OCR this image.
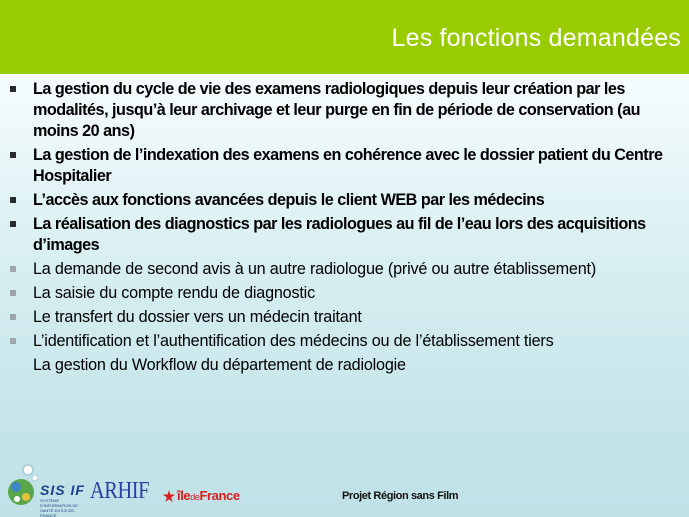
Les fonctions demandées
La gestion du cycle de vie des examens radiologiques depuis leur création par les modalités, jusqu’à leur archivage et leur purge en fin de période de conservation (au moins 20 ans)
La gestion de l’indexation des examens en cohérence avec le dossier patient du Centre Hospitalier
L’accès aux fonctions avancées depuis le client WEB par les médecins
La réalisation des diagnostics par les radiologues au fil de l’eau lors des acquisitions d’images
La demande de second avis à un autre radiologue (privé ou autre établissement)
La saisie du compte rendu de diagnostic
Le transfert du dossier vers un médecin traitant
L’identification et l’authentification des médecins ou de l’établissement tiers
La gestion du Workflow du département de radiologie
SIS IF
SYSTÈME D'INFORMATION DE SANTÉ EN ÎLE-DE-FRANCE
ARHIF îledeFrance	Projet Région sans Film
